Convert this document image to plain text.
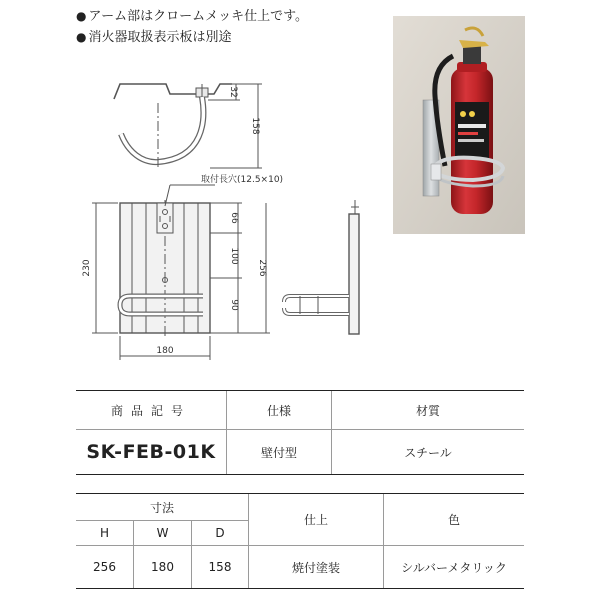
● アーム部はクロームメッキ仕上です。
● 消火器取扱表示板は別途
32
158
取付長穴(12.5×10)
66
100
90
230	256
180
商品記号	仕様	材質
SK-FEB-01K	壁付型	スチール
寸法			仕上	色
H	W	D		
256	180	158	焼付塗装	シルバーメタリック
